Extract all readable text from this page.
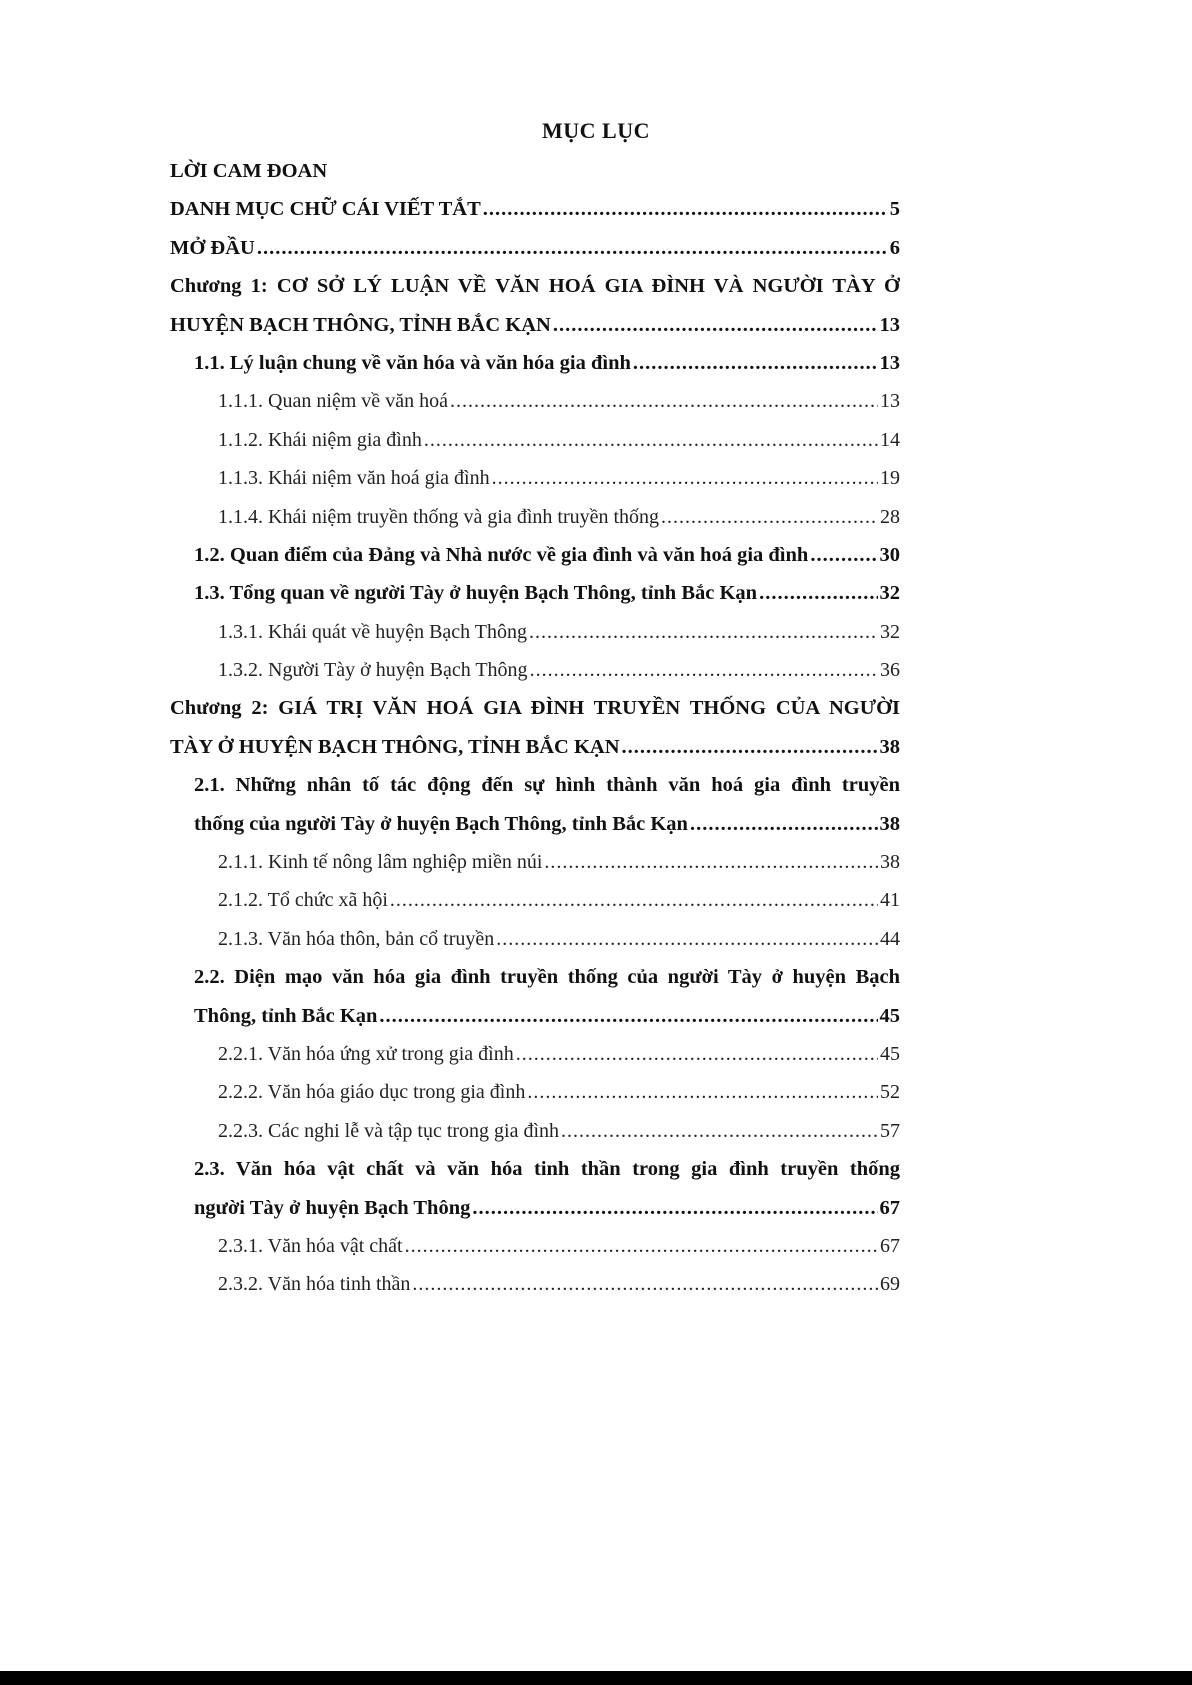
MỤC LỤC
LỜI CAM ĐOAN
DANH MỤC CHỮ CÁI VIẾT TẮT .....	5
MỞ ĐẦU .....	6
Chương 1: CƠ SỞ LÝ LUẬN VỀ VĂN HOÁ GIA ĐÌNH VÀ NGƯỜI TÀY Ở
HUYỆN BẠCH THÔNG, TỈNH BẮC KẠN .....	13
1.1. Lý luận chung về văn hóa và văn hóa gia đình .....	13
1.1.1. Quan niệm về văn hoá .....	13
1.1.2. Khái niệm gia đình .....	14
1.1.3. Khái niệm văn hoá gia đình .....	19
1.1.4. Khái niệm truyền thống và gia đình truyền thống .....	28
1.2. Quan điểm của Đảng và Nhà nước về gia đình và văn hoá gia đình .....	30
1.3. Tổng quan về người Tày ở huyện Bạch Thông, tỉnh Bắc Kạn .....	32
1.3.1. Khái quát về huyện Bạch Thông .....	32
1.3.2. Người Tày ở huyện Bạch Thông .....	36
Chương 2: GIÁ TRỊ VĂN HOÁ GIA ĐÌNH TRUYỀN THỐNG CỦA NGƯỜI
TÀY Ở HUYỆN BẠCH THÔNG, TỈNH BẮC KẠN .....	38
2.1. Những nhân tố tác động đến sự hình thành văn hoá gia đình truyền
thống của người Tày ở huyện Bạch Thông, tỉnh Bắc Kạn .....	38
2.1.1. Kinh tế nông lâm nghiệp miền núi .....	38
2.1.2. Tổ chức xã hội .....	41
2.1.3. Văn hóa thôn, bản cổ truyền .....	44
2.2. Diện mạo văn hóa gia đình truyền thống của người Tày ở huyện Bạch
Thông, tỉnh Bắc Kạn .....	45
2.2.1. Văn hóa ứng xử trong gia đình .....	45
2.2.2. Văn hóa giáo dục trong gia đình .....	52
2.2.3. Các nghi lễ và tập tục trong gia đình .....	57
2.3. Văn hóa vật chất và văn hóa tinh thần trong gia đình truyền thống
người Tày ở huyện Bạch Thông .....	67
2.3.1. Văn hóa vật chất .....	67
2.3.2. Văn hóa tinh thần .....	69
